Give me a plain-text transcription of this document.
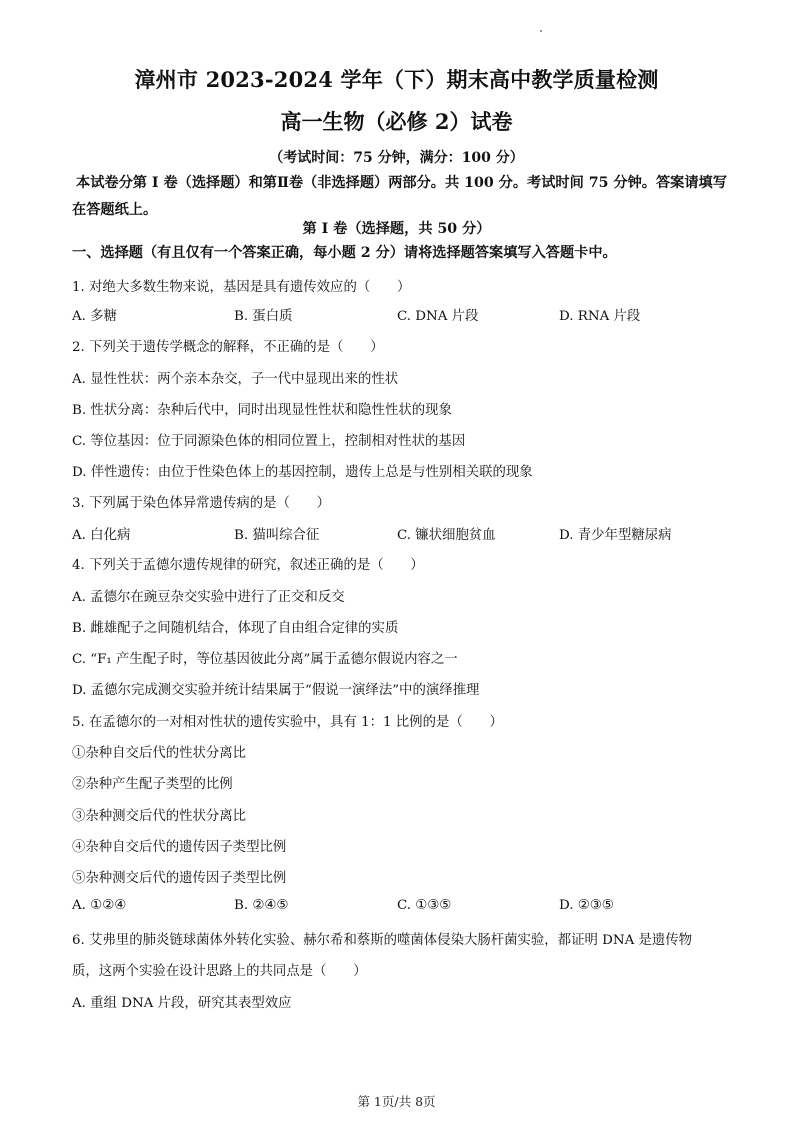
漳州市 2023-2024 学年（下）期末高中教学质量检测
高一生物（必修 2）试卷
（考试时间：75 分钟，满分：100 分）
本试卷分第 I 卷（选择题）和第Ⅱ卷（非选择题）两部分。共 100 分。考试时间 75 分钟。答案请填写在答题纸上。
第 I 卷（选择题，共 50 分）
一、选择题（有且仅有一个答案正确，每小题 2 分）请将选择题答案填写入答题卡中。
1. 对绝大多数生物来说，基因是具有遗传效应的（　　）
A. 多糖	B. 蛋白质	C. DNA 片段	D. RNA 片段
2. 下列关于遗传学概念的解释，不正确的是（　　）
A. 显性性状：两个亲本杂交，子一代中显现出来的性状
B. 性状分离：杂种后代中，同时出现显性性状和隐性性状的现象
C. 等位基因：位于同源染色体的相同位置上，控制相对性状的基因
D. 伴性遗传：由位于性染色体上的基因控制，遗传上总是与性别相关联的现象
3. 下列属于染色体异常遗传病的是（　　）
A. 白化病	B. 猫叫综合征	C. 镰状细胞贫血	D. 青少年型糖尿病
4. 下列关于孟德尔遗传规律的研究，叙述正确的是（　　）
A. 孟德尔在豌豆杂交实验中进行了正交和反交
B. 雌雄配子之间随机结合，体现了自由组合定律的实质
C. “F₁ 产生配子时，等位基因彼此分离”属于孟德尔假说内容之一
D. 孟德尔完成测交实验并统计结果属于“假说一演绎法”中的演绎推理
5. 在孟德尔的一对相对性状的遗传实验中，具有 1：1 比例的是（　　）
①杂种自交后代的性状分离比
②杂种产生配子类型的比例
③杂种测交后代的性状分离比
④杂种自交后代的遗传因子类型比例
⑤杂种测交后代的遗传因子类型比例
A. ①②④	B. ②④⑤	C. ①③⑤	D. ②③⑤
6. 艾弗里的肺炎链球菌体外转化实验、赫尔希和蔡斯的噬菌体侵染大肠杆菌实验，都证明 DNA 是遗传物
质，这两个实验在设计思路上的共同点是（　　）
A. 重组 DNA 片段，研究其表型效应
第 1页/共 8页
